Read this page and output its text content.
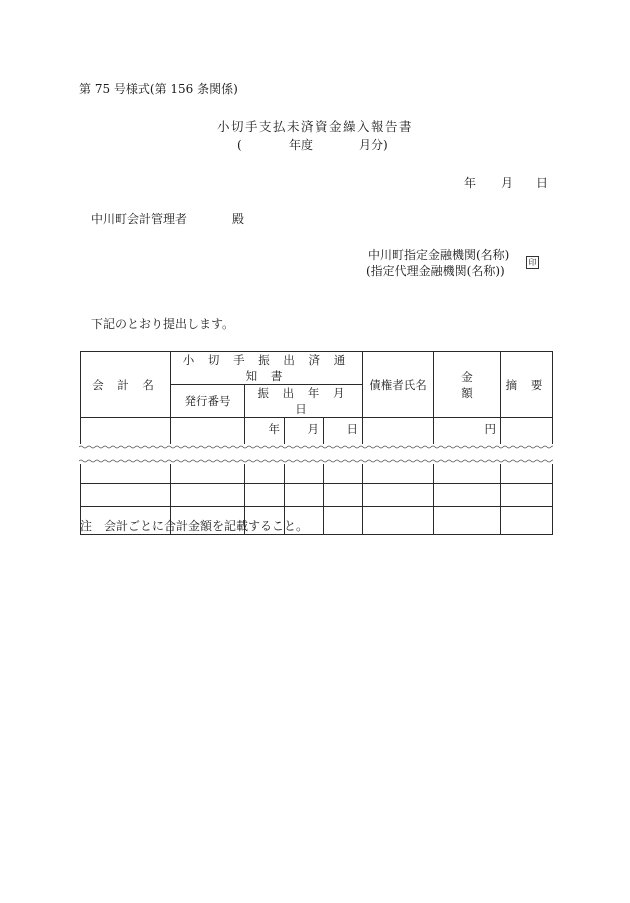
第 75 号様式(第 156 条関係)
小切手支払未済資金繰入報告書
(	年度	月分)
年 月 日
中川町会計管理者	殿
中川町指定金融機関(名称)
(指定代理金融機関(名称))
印
下記のとおり提出します。
会 計 名	小 切 手 振 出 済 通 知 書				債権者氏名	金 額	摘 要
	発行番号	振 出 年 月 日					
		年	月	日		円	

注　会計ごとに合計金額を記載すること。
